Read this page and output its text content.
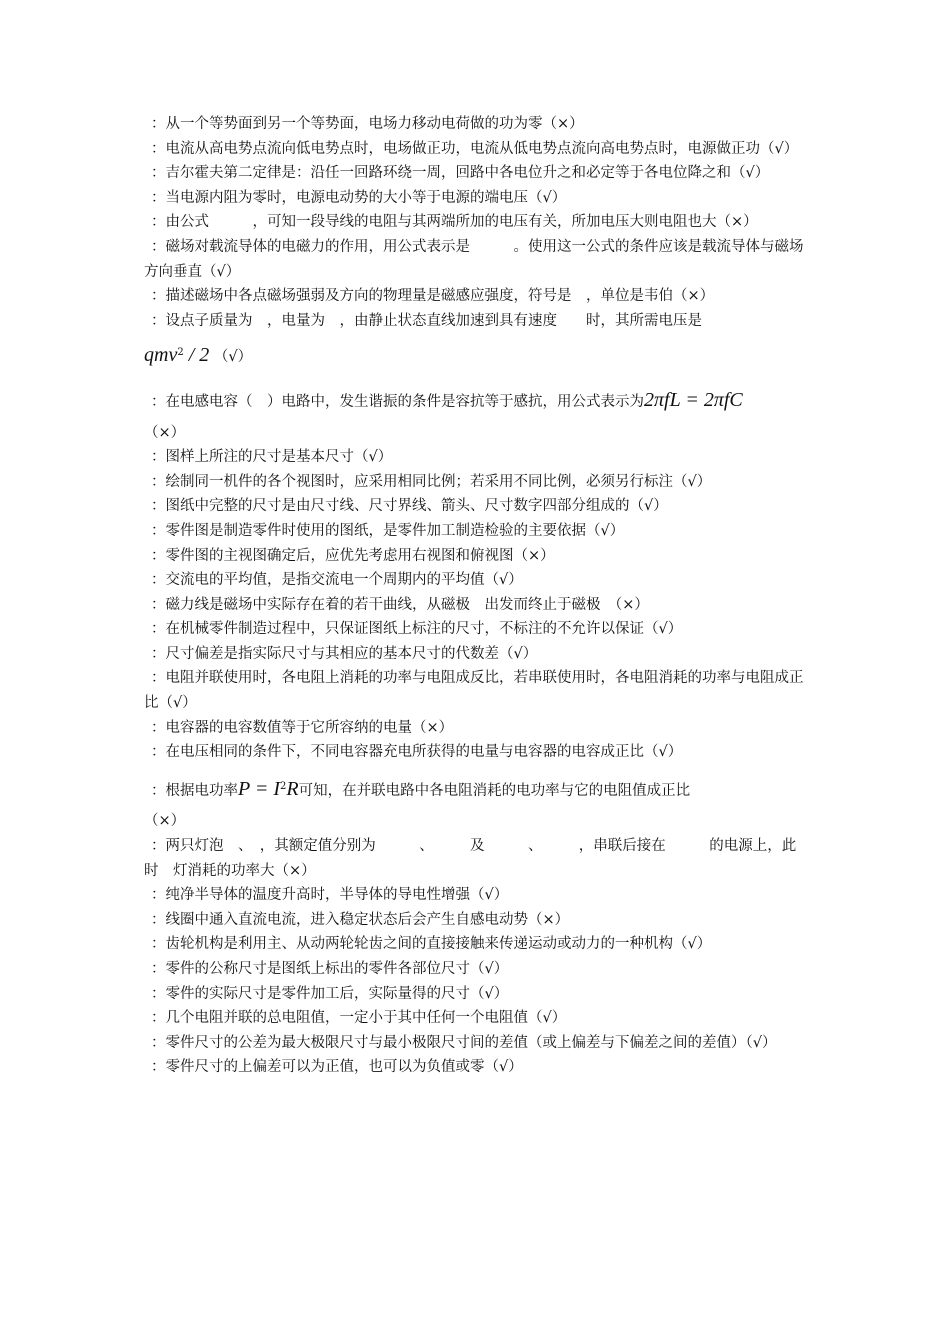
：从一个等势面到另一个等势面，电场力移动电荷做的功为零（×）

：电流从高电势点流向低电势点时，电场做正功，电流从低电势点流向高电势点时，电源做正功（√）

：吉尔霍夫第二定律是：沿任一回路环绕一周，回路中各电位升之和必定等于各电位降之和（√）

：当电源内阻为零时，电源电动势的大小等于电源的端电压（√）

：由公式　　　，可知一段导线的电阻与其两端所加的电压有关，所加电压大则电阻也大（×）

：磁场对载流导体的电磁力的作用，用公式表示是　　　。使用这一公式的条件应该是载流导体与磁场方向垂直（√）

：描述磁场中各点磁场强弱及方向的物理量是磁感应强度，符号是　，单位是韦伯（×）

：设点子质量为　，电量为　，由静止状态直线加速到具有速度　　时，其所需电压是

qmv$^2$ / 2 （√）

：在电感电容（　）电路中，发生谐振的条件是容抗等于感抗，用公式表示为2πfL = 2πfC

（×）

：图样上所注的尺寸是基本尺寸（√）

：绘制同一机件的各个视图时，应采用相同比例；若采用不同比例，必须另行标注（√）

：图纸中完整的尺寸是由尺寸线、尺寸界线、箭头、尺寸数字四部分组成的（√）

：零件图是制造零件时使用的图纸，是零件加工制造检验的主要依据（√）

：零件图的主视图确定后，应优先考虑用右视图和俯视图（×）

：交流电的平均值，是指交流电一个周期内的平均值（√）

：磁力线是磁场中实际存在着的若干曲线，从磁极　出发而终止于磁极　（×）

：在机械零件制造过程中，只保证图纸上标注的尺寸，不标注的不允许以保证（√）

：尺寸偏差是指实际尺寸与其相应的基本尺寸的代数差（√）

：电阻并联使用时，各电阻上消耗的功率与电阻成反比，若串联使用时，各电阻消耗的功率与电阻成正比（√）

：电容器的电容数值等于它所容纳的电量（×）

：在电压相同的条件下，不同电容器充电所获得的电量与电容器的电容成正比（√）

：根据电功率$P = I^2R$可知，在并联电路中各电阻消耗的电功率与它的电阻值成正比

（×）

：两只灯泡　、　，其额定值分别为　　　、　　　及　　　、　　　，串联后接在　　　的电源上，此时　灯消耗的功率大（×）

：纯净半导体的温度升高时，半导体的导电性增强（√）

：线圈中通入直流电流，进入稳定状态后会产生自感电动势（×）

：齿轮机构是利用主、从动两轮轮齿之间的直接接触来传递运动或动力的一种机构（√）

：零件的公称尺寸是图纸上标出的零件各部位尺寸（√）

：零件的实际尺寸是零件加工后，实际量得的尺寸（√）

：几个电阻并联的总电阻值，一定小于其中任何一个电阻值（√）

：零件尺寸的公差为最大极限尺寸与最小极限尺寸间的差值（或上偏差与下偏差之间的差值）（√）

：零件尺寸的上偏差可以为正值，也可以为负值或零（√）
